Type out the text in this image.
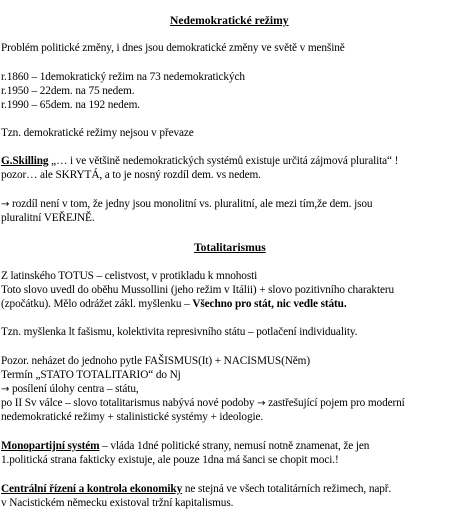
Nedemokratické režimy
Problém politické změny, i dnes jsou demokratické změny ve světě v menšině
r.1860 – 1demokratický režim na 73 nedemokratických
r.1950 – 22dem. na 75 nedem.
r.1990 – 65dem. na 192 nedem.
Tzn. demokratické režimy nejsou v převaze
G.Skilling „… i ve většině nedemokratických systémů existuje určitá zájmová pluralita“ !
pozor… ale SKRYTÁ, a to je nosný rozdíl dem. vs nedem.
→ rozdíl není v tom, že jedny jsou monolitní vs. pluralitní, ale mezi tím,že dem. jsou
pluralitní VEŘEJNĚ.
Totalitarismus
Z latinského TOTUS – celistvost, v protikladu k mnohosti
Toto slovo uvedl do oběhu Mussollini (jeho režim v Itálii) + slovo pozitivního charakteru
(zpočátku). Mělo odrážet zákl. myšlenku – Všechno pro stát, nic vedle státu.
Tzn. myšlenka lt fašismu, kolektivita represivního státu – potlačení individuality.
Pozor. neházet do jednoho pytle FAŠISMUS(It) + NACISMUS(Něm)
Termín „STATO TOTALITARIO“ do Nj
→ posílení úlohy centra – státu,
po II Sv válce – slovo totalitarismus nabývá nové podoby → zastřešující pojem pro moderní
nedemokratické režimy + stalinistické systémy + ideologie.
Monopartijní systém – vláda 1dné politické strany, nemusí notně znamenat, že jen
1.politická strana fakticky existuje, ale pouze 1dna má šanci se chopit moci.!
Centrální řízení a kontrola ekonomiky ne stejná ve všech totalitárních režimech, např.
v Nacistickém německu existoval tržní kapitalismus.
